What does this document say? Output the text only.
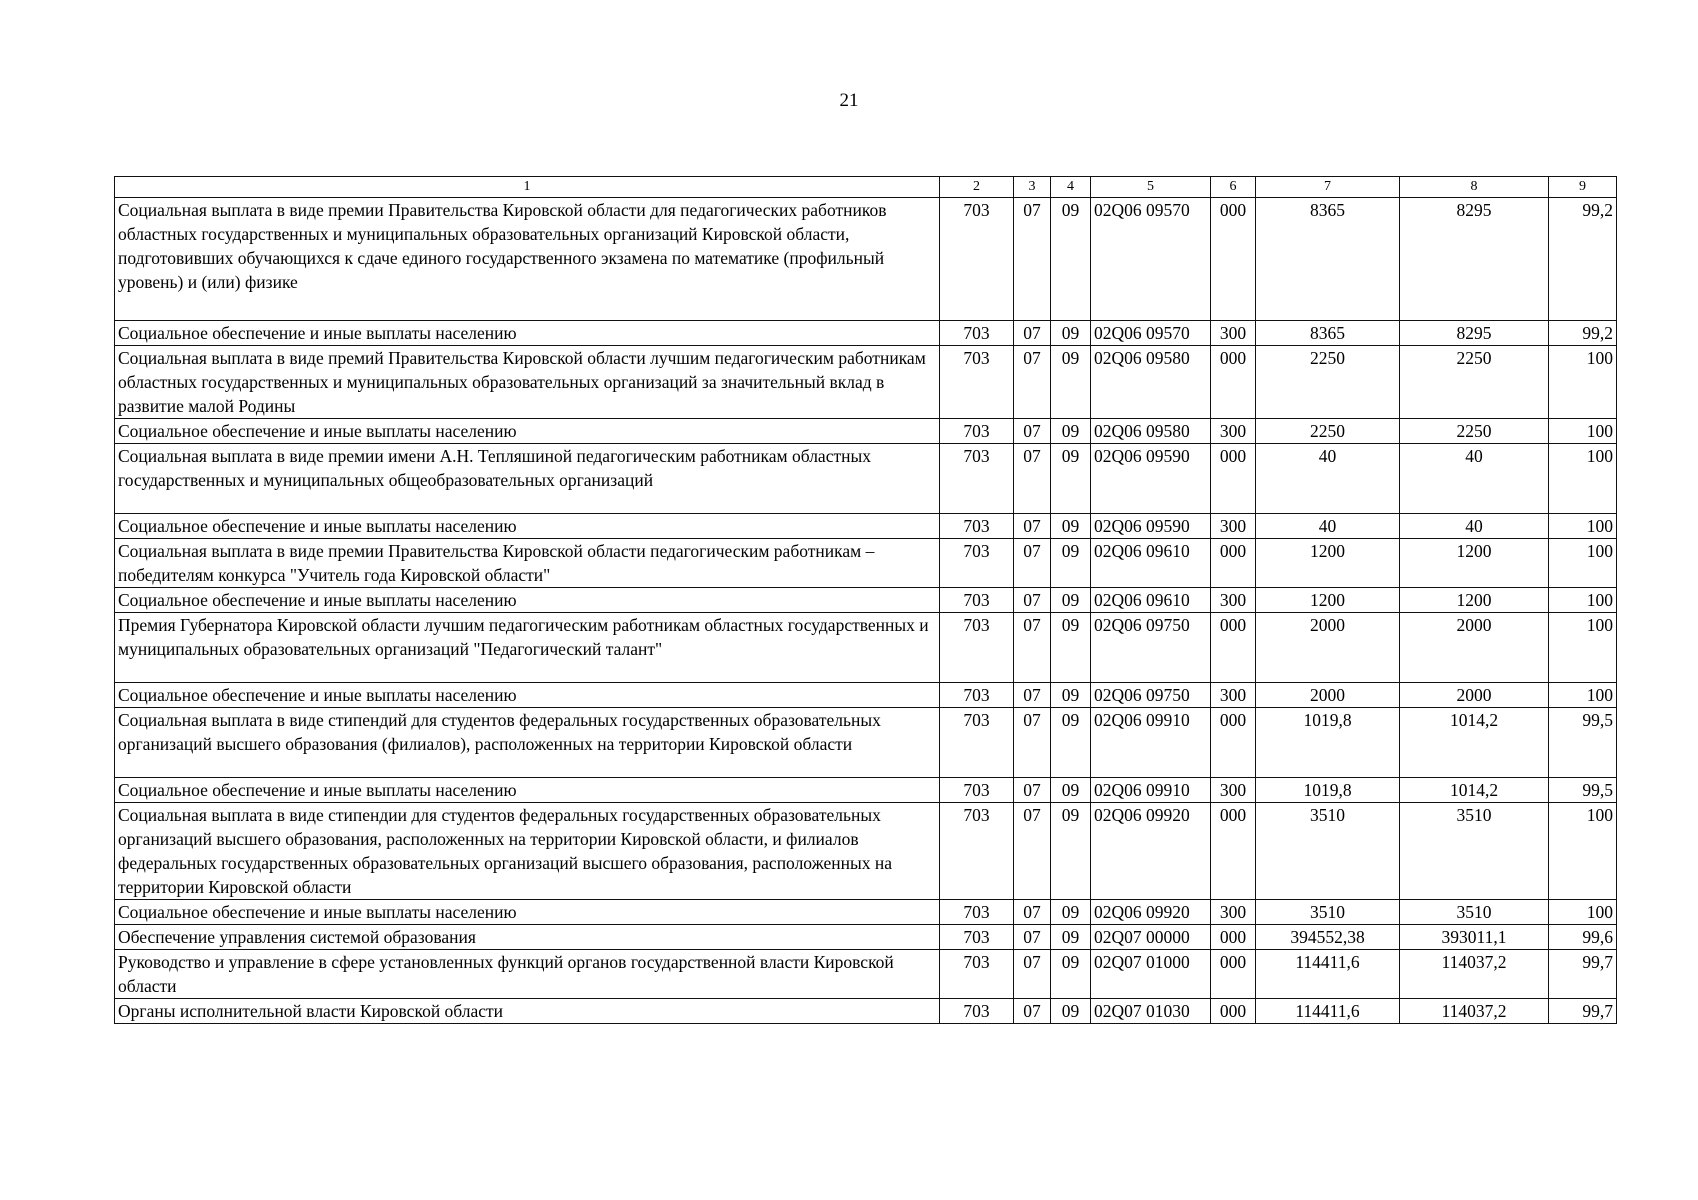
21
1	2	3	4	5	6	7	8	9
Социальная выплата в виде премии Правительства Кировской области для педагогических работников областных государственных и муниципальных образовательных организаций Кировской области, подготовивших обучающихся к сдаче единого государственного экзамена по математике (профильный уровень) и (или) физике	703	07	09	02Q06 09570	000	8365	8295	99,2
Социальное обеспечение и иные выплаты населению	703	07	09	02Q06 09570	300	8365	8295	99,2
Социальная выплата в виде премий Правительства Кировской области лучшим педагогическим работникам областных государственных и муниципальных образовательных организаций за значительный вклад в развитие малой Родины	703	07	09	02Q06 09580	000	2250	2250	100
Социальное обеспечение и иные выплаты населению	703	07	09	02Q06 09580	300	2250	2250	100
Социальная выплата в виде премии имени А.Н. Тепляшиной педагогическим работникам областных государственных и муниципальных общеобразовательных организаций	703	07	09	02Q06 09590	000	40	40	100
Социальное обеспечение и иные выплаты населению	703	07	09	02Q06 09590	300	40	40	100
Социальная выплата в виде премии Правительства Кировской области педагогическим работникам – победителям конкурса "Учитель года Кировской области"	703	07	09	02Q06 09610	000	1200	1200	100
Социальное обеспечение и иные выплаты населению	703	07	09	02Q06 09610	300	1200	1200	100
Премия Губернатора Кировской области лучшим педагогическим работникам областных государственных и муниципальных образовательных организаций "Педагогический талант"	703	07	09	02Q06 09750	000	2000	2000	100
Социальное обеспечение и иные выплаты населению	703	07	09	02Q06 09750	300	2000	2000	100
Социальная выплата в виде стипендий для студентов федеральных государственных образовательных организаций высшего образования (филиалов), расположенных на территории Кировской области	703	07	09	02Q06 09910	000	1019,8	1014,2	99,5
Социальное обеспечение и иные выплаты населению	703	07	09	02Q06 09910	300	1019,8	1014,2	99,5
Социальная выплата в виде стипендии для студентов федеральных государственных образовательных организаций высшего образования, расположенных на территории Кировской области, и филиалов федеральных государственных образовательных организаций высшего образования, расположенных на территории Кировской области	703	07	09	02Q06 09920	000	3510	3510	100
Социальное обеспечение и иные выплаты населению	703	07	09	02Q06 09920	300	3510	3510	100
Обеспечение управления системой образования	703	07	09	02Q07 00000	000	394552,38	393011,1	99,6
Руководство и управление в сфере установленных функций органов государственной власти Кировской области	703	07	09	02Q07 01000	000	114411,6	114037,2	99,7
Органы исполнительной власти Кировской области	703	07	09	02Q07 01030	000	114411,6	114037,2	99,7
